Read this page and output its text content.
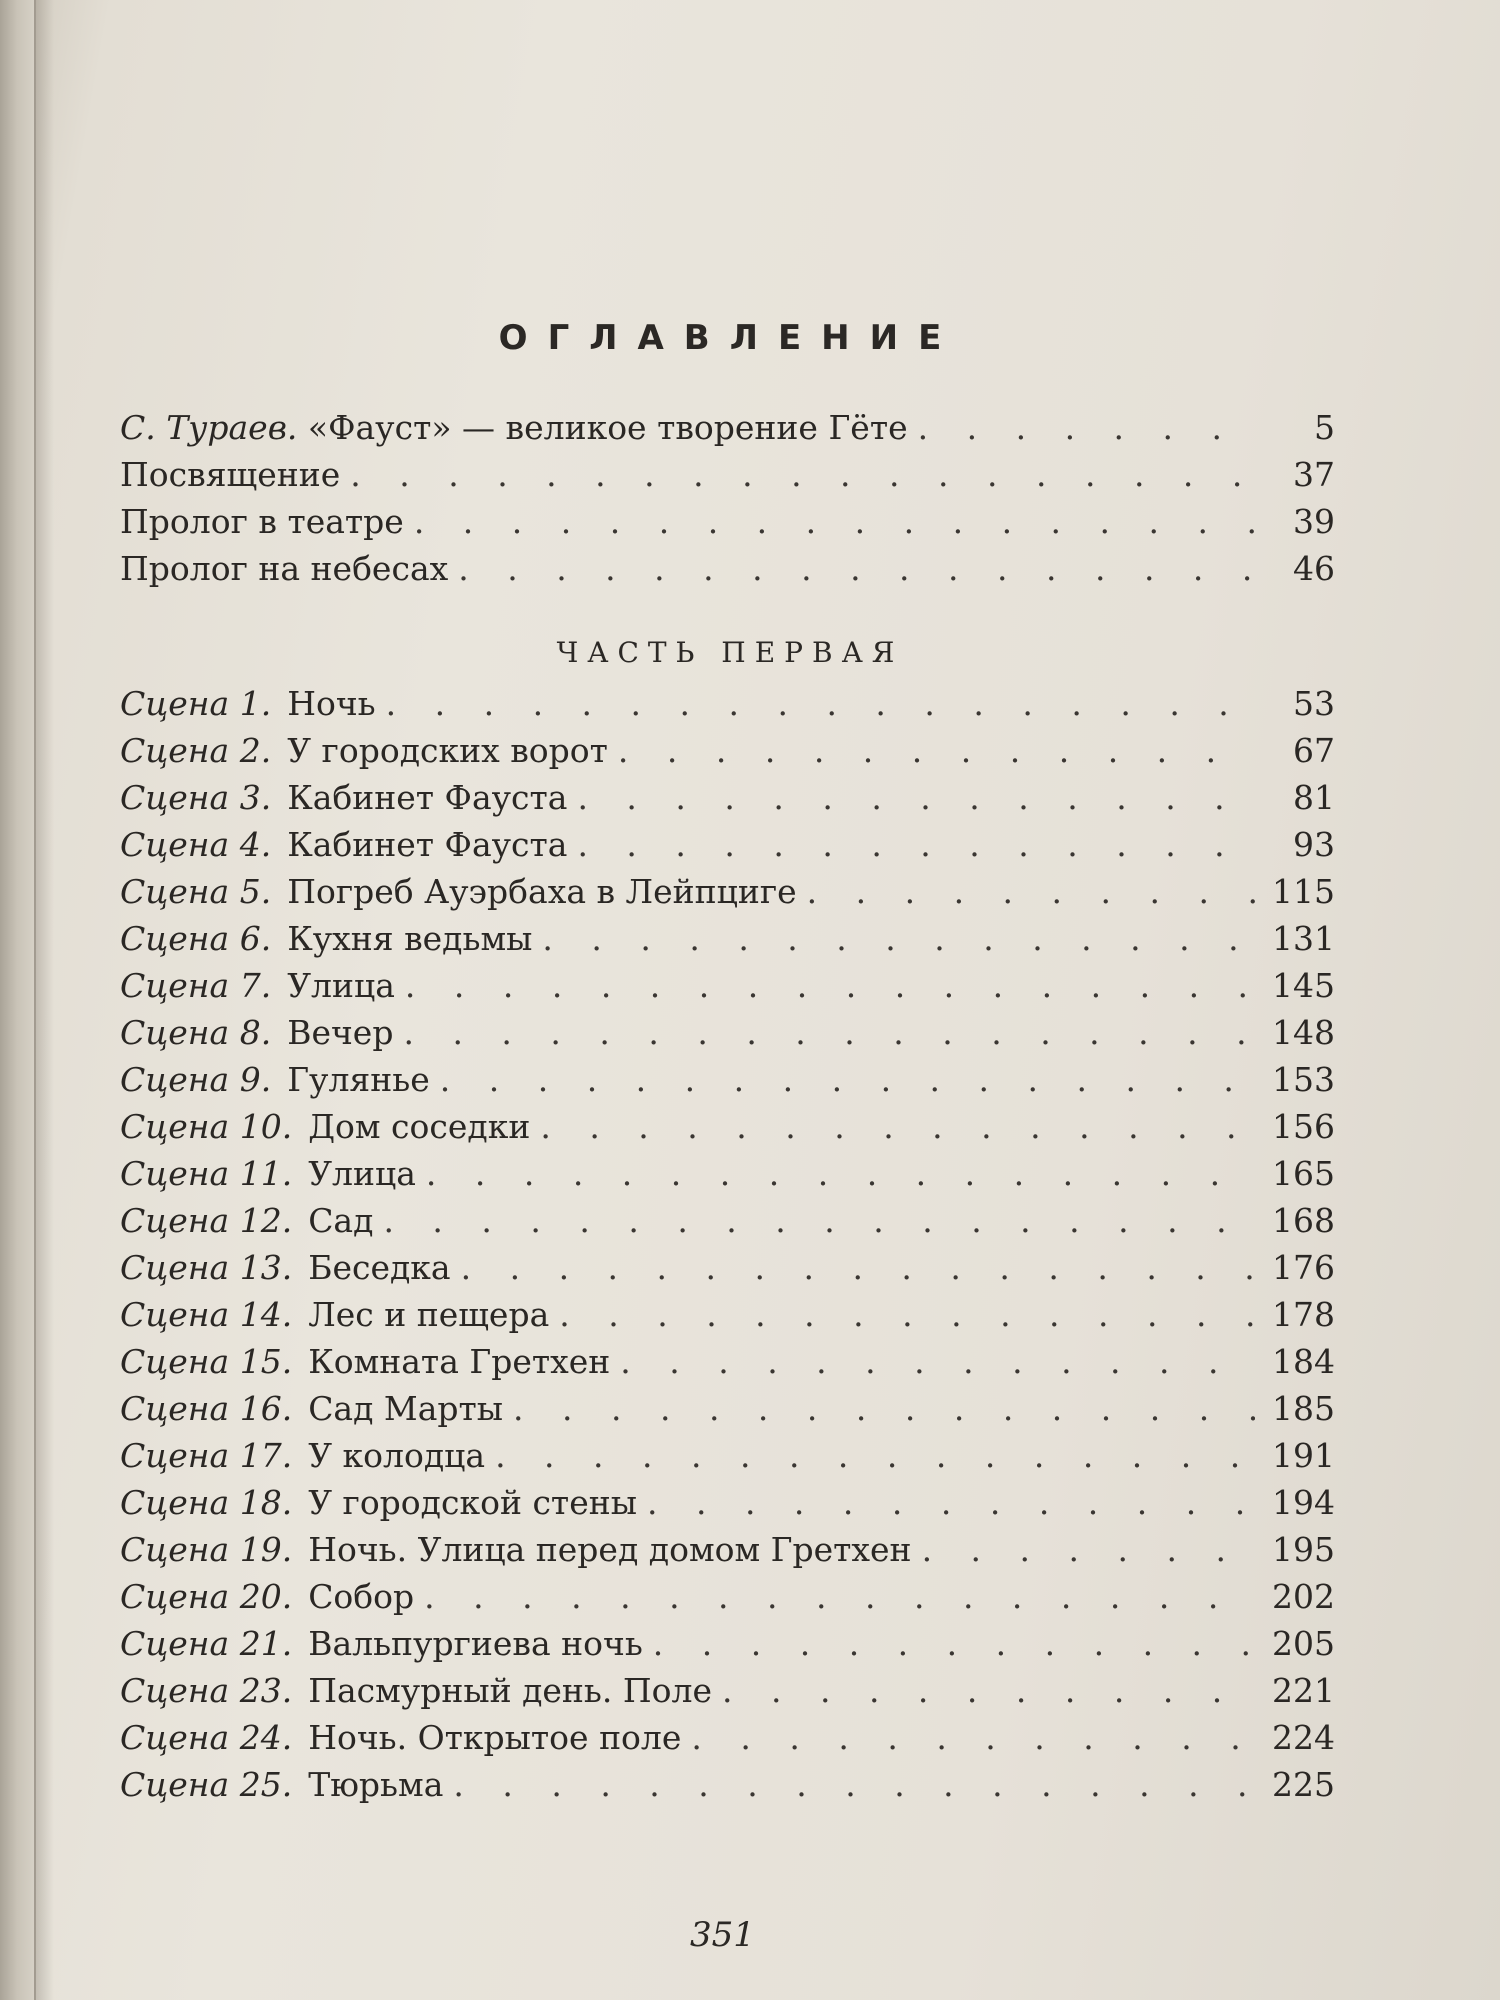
ОГЛАВЛЕНИЕ
С. Тураев. «Фауст» — великое творение Гёте . . .	5
Посвящение . . .	37
Пролог в театре . . .	39
Пролог на небесах . . .	46
ЧАСТЬ ПЕРВАЯ
Сцена 1. Ночь . . .	53
Сцена 2. У городских ворот . . .	67
Сцена 3. Кабинет Фауста . . .	81
Сцена 4. Кабинет Фауста . . .	93
Сцена 5. Погреб Ауэрбаха в Лейпциге . . .	115
Сцена 6. Кухня ведьмы . . .	131
Сцена 7. Улица . . .	145
Сцена 8. Вечер . . .	148
Сцена 9. Гулянье . . .	153
Сцена 10. Дом соседки . . .	156
Сцена 11. Улица . . .	165
Сцена 12. Сад . . .	168
Сцена 13. Беседка . . .	176
Сцена 14. Лес и пещера . . .	178
Сцена 15. Комната Гретхен . . .	184
Сцена 16. Сад Марты . . .	185
Сцена 17. У колодца . . .	191
Сцена 18. У городской стены . . .	194
Сцена 19. Ночь. Улица перед домом Гретхен . . .	195
Сцена 20. Собор . . .	202
Сцена 21. Вальпургиева ночь . . .	205
Сцена 23. Пасмурный день. Поле . . .	221
Сцена 24. Ночь. Открытое поле . . .	224
Сцена 25. Тюрьма . . .	225
351
